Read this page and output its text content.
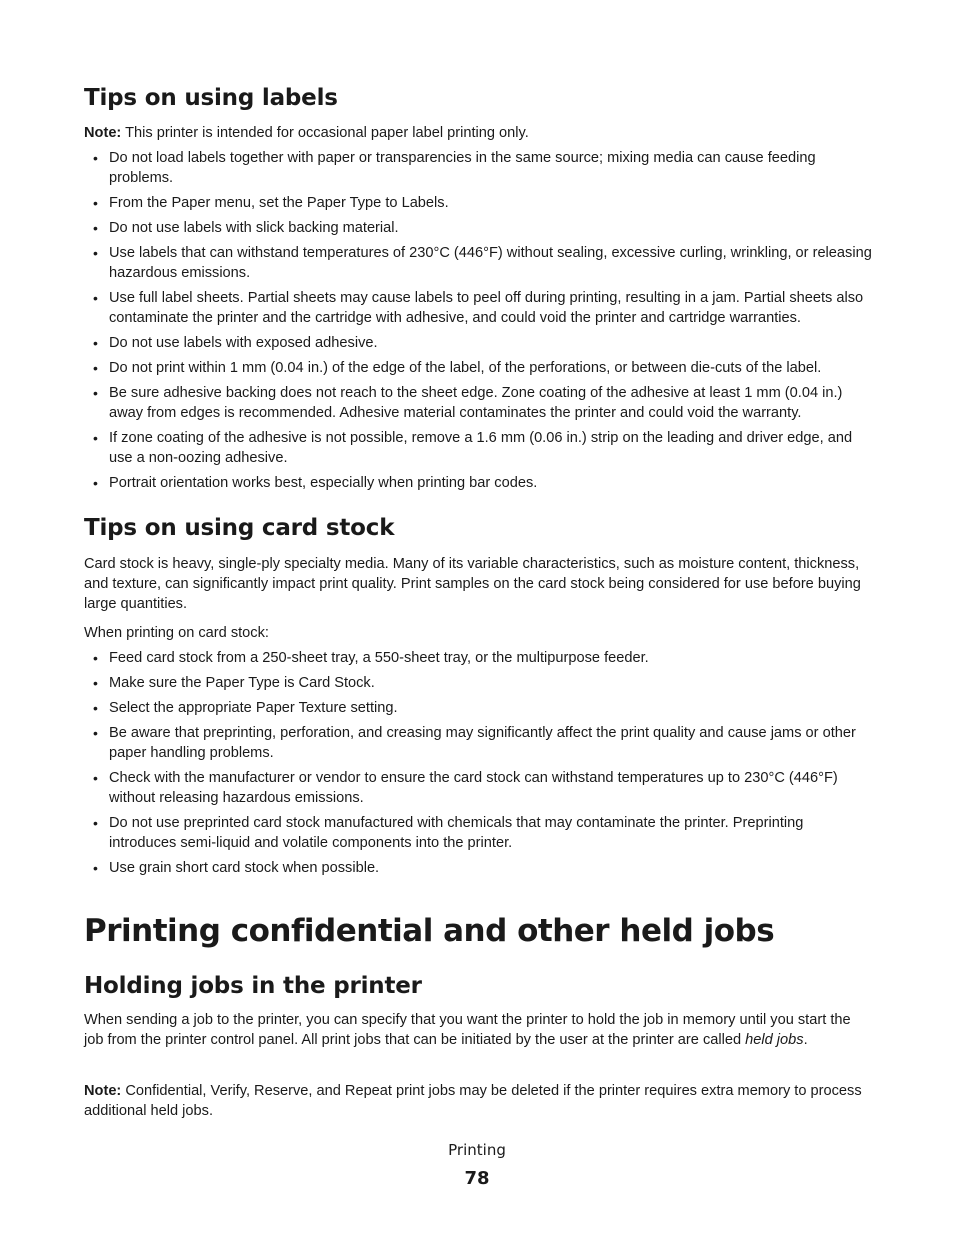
Tips on using labels

Note: This printer is intended for occasional paper label printing only.

• Do not load labels together with paper or transparencies in the same source; mixing media can cause feeding problems.
• From the Paper menu, set the Paper Type to Labels.
• Do not use labels with slick backing material.
• Use labels that can withstand temperatures of 230°C (446°F) without sealing, excessive curling, wrinkling, or releasing hazardous emissions.
• Use full label sheets. Partial sheets may cause labels to peel off during printing, resulting in a jam. Partial sheets also contaminate the printer and the cartridge with adhesive, and could void the printer and cartridge warranties.
• Do not use labels with exposed adhesive.
• Do not print within 1 mm (0.04 in.) of the edge of the label, of the perforations, or between die-cuts of the label.
• Be sure adhesive backing does not reach to the sheet edge. Zone coating of the adhesive at least 1 mm (0.04 in.) away from edges is recommended. Adhesive material contaminates the printer and could void the warranty.
• If zone coating of the adhesive is not possible, remove a 1.6 mm (0.06 in.) strip on the leading and driver edge, and use a non-oozing adhesive.
• Portrait orientation works best, especially when printing bar codes.
Tips on using card stock

Card stock is heavy, single-ply specialty media. Many of its variable characteristics, such as moisture content, thickness, and texture, can significantly impact print quality. Print samples on the card stock being considered for use before buying large quantities.

When printing on card stock:

• Feed card stock from a 250-sheet tray, a 550-sheet tray, or the multipurpose feeder.
• Make sure the Paper Type is Card Stock.
• Select the appropriate Paper Texture setting.
• Be aware that preprinting, perforation, and creasing may significantly affect the print quality and cause jams or other paper handling problems.
• Check with the manufacturer or vendor to ensure the card stock can withstand temperatures up to 230°C (446°F) without releasing hazardous emissions.
• Do not use preprinted card stock manufactured with chemicals that may contaminate the printer. Preprinting introduces semi-liquid and volatile components into the printer.
• Use grain short card stock when possible.
Printing confidential and other held jobs
Holding jobs in the printer

When sending a job to the printer, you can specify that you want the printer to hold the job in memory until you start the job from the printer control panel. All print jobs that can be initiated by the user at the printer are called held jobs.

Note: Confidential, Verify, Reserve, and Repeat print jobs may be deleted if the printer requires extra memory to process additional held jobs.

Printing
78
